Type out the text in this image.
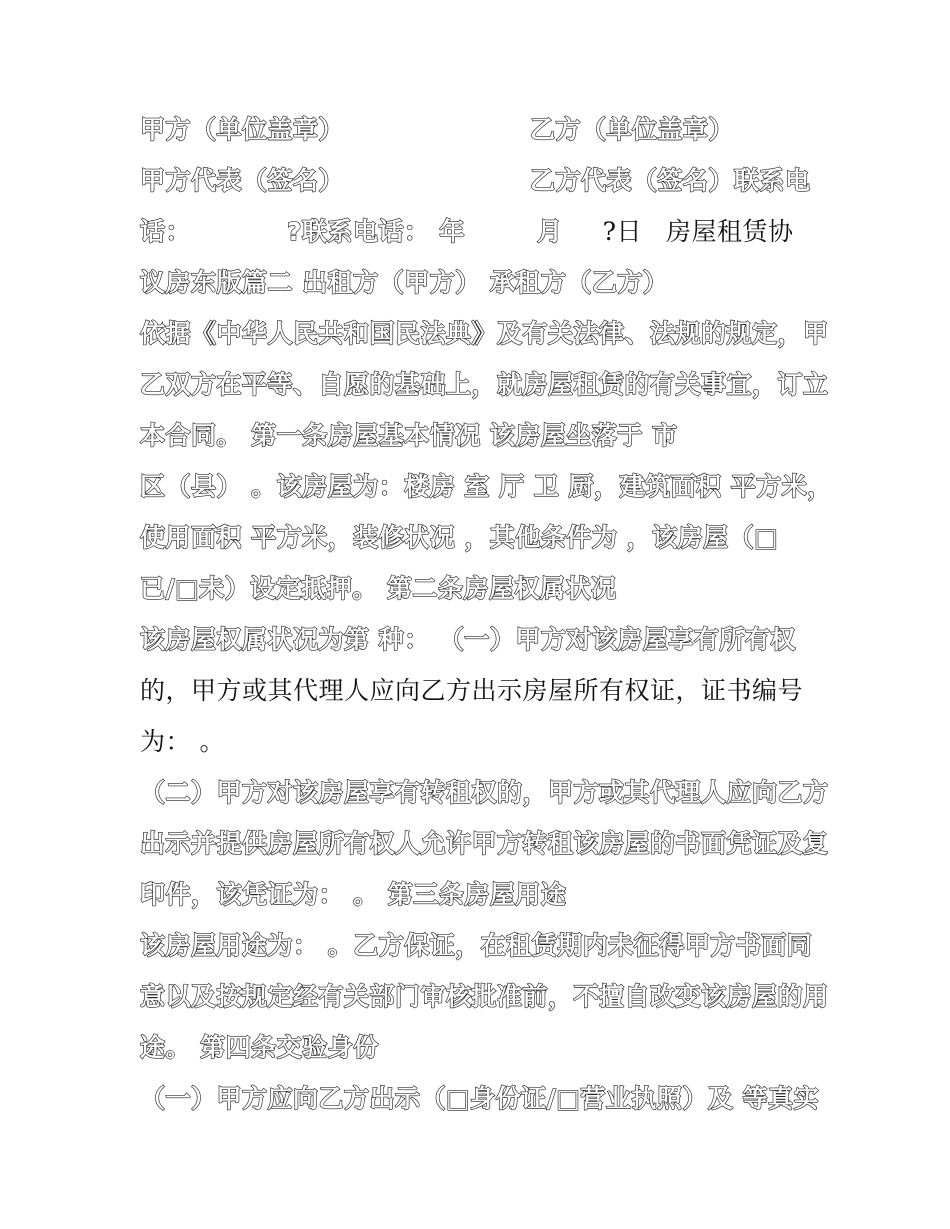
甲方（单位盖章）	乙方（单位盖章）
甲方代表（签名）	乙方代表（签名）联系电
话：	?联系电话： 年	月 ?日 房屋租赁协
议房东版篇二 出租方（甲方） 承租方（乙方）
依据《中华人民共和国民法典》及有关法律、法规的规定，甲
乙双方在平等、自愿的基础上，就房屋租赁的有关事宜，订立
本合同。 第一条房屋基本情况 该房屋坐落于 市
区（县） 。该房屋为：楼房 室 厅 卫 厨，建筑面积 平方米，
使用面积 平方米，装修状况 ，其他条件为 ，该房屋（□
已/□未）设定抵押。 第二条房屋权属状况
该房屋权属状况为第 种： （一）甲方对该房屋享有所有权
的，甲方或其代理人应向乙方出示房屋所有权证，证书编号
为： 。
（二）甲方对该房屋享有转租权的，甲方或其代理人应向乙方
出示并提供房屋所有权人允许甲方转租该房屋的书面凭证及复
印件，该凭证为： 。 第三条房屋用途
该房屋用途为： 。乙方保证，在租赁期内未征得甲方书面同
意以及按规定经有关部门审核批准前，不擅自改变该房屋的用
途。 第四条交验身份
（一）甲方应向乙方出示（□身份证/□营业执照）及 等真实
